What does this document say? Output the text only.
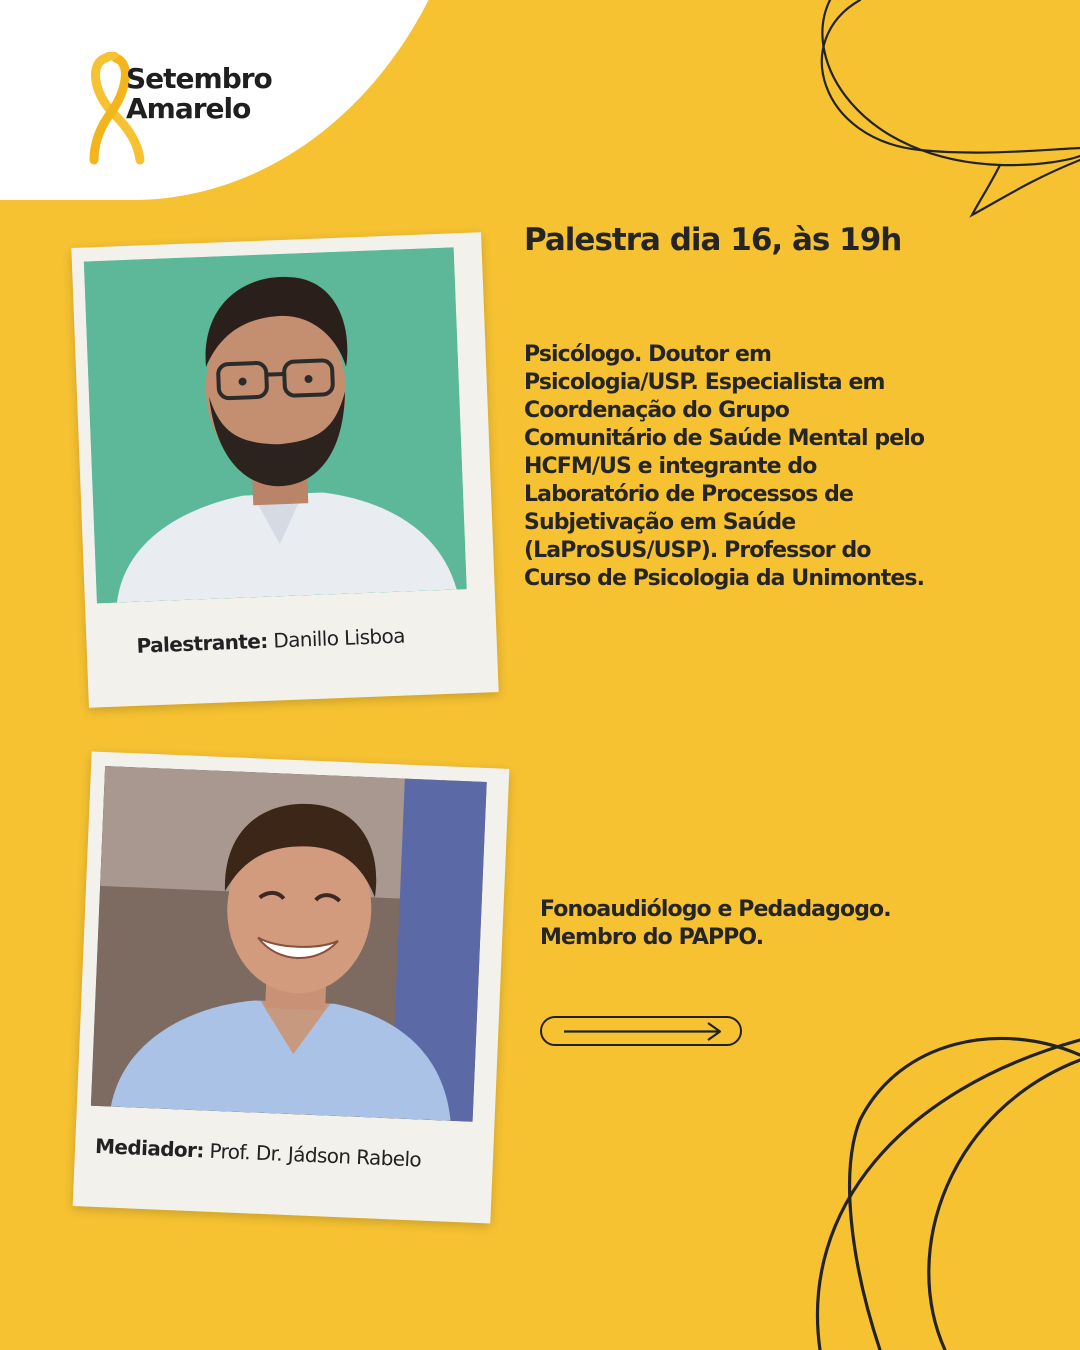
Setembro
Amarelo
Palestra dia 16, às 19h
Psicólogo. Doutor em
Psicologia/USP. Especialista em
Coordenação do Grupo
Comunitário de Saúde Mental pelo
HCFM/US e integrante do
Laboratório de Processos de
Subjetivação em Saúde
(LaProSUS/USP). Professor do
Curso de Psicologia da Unimontes.
Palestrante: Danillo Lisboa
Mediador: Prof. Dr. Jádson Rabelo
Fonoaudiólogo e Pedadagogo.
Membro do PAPPO.
